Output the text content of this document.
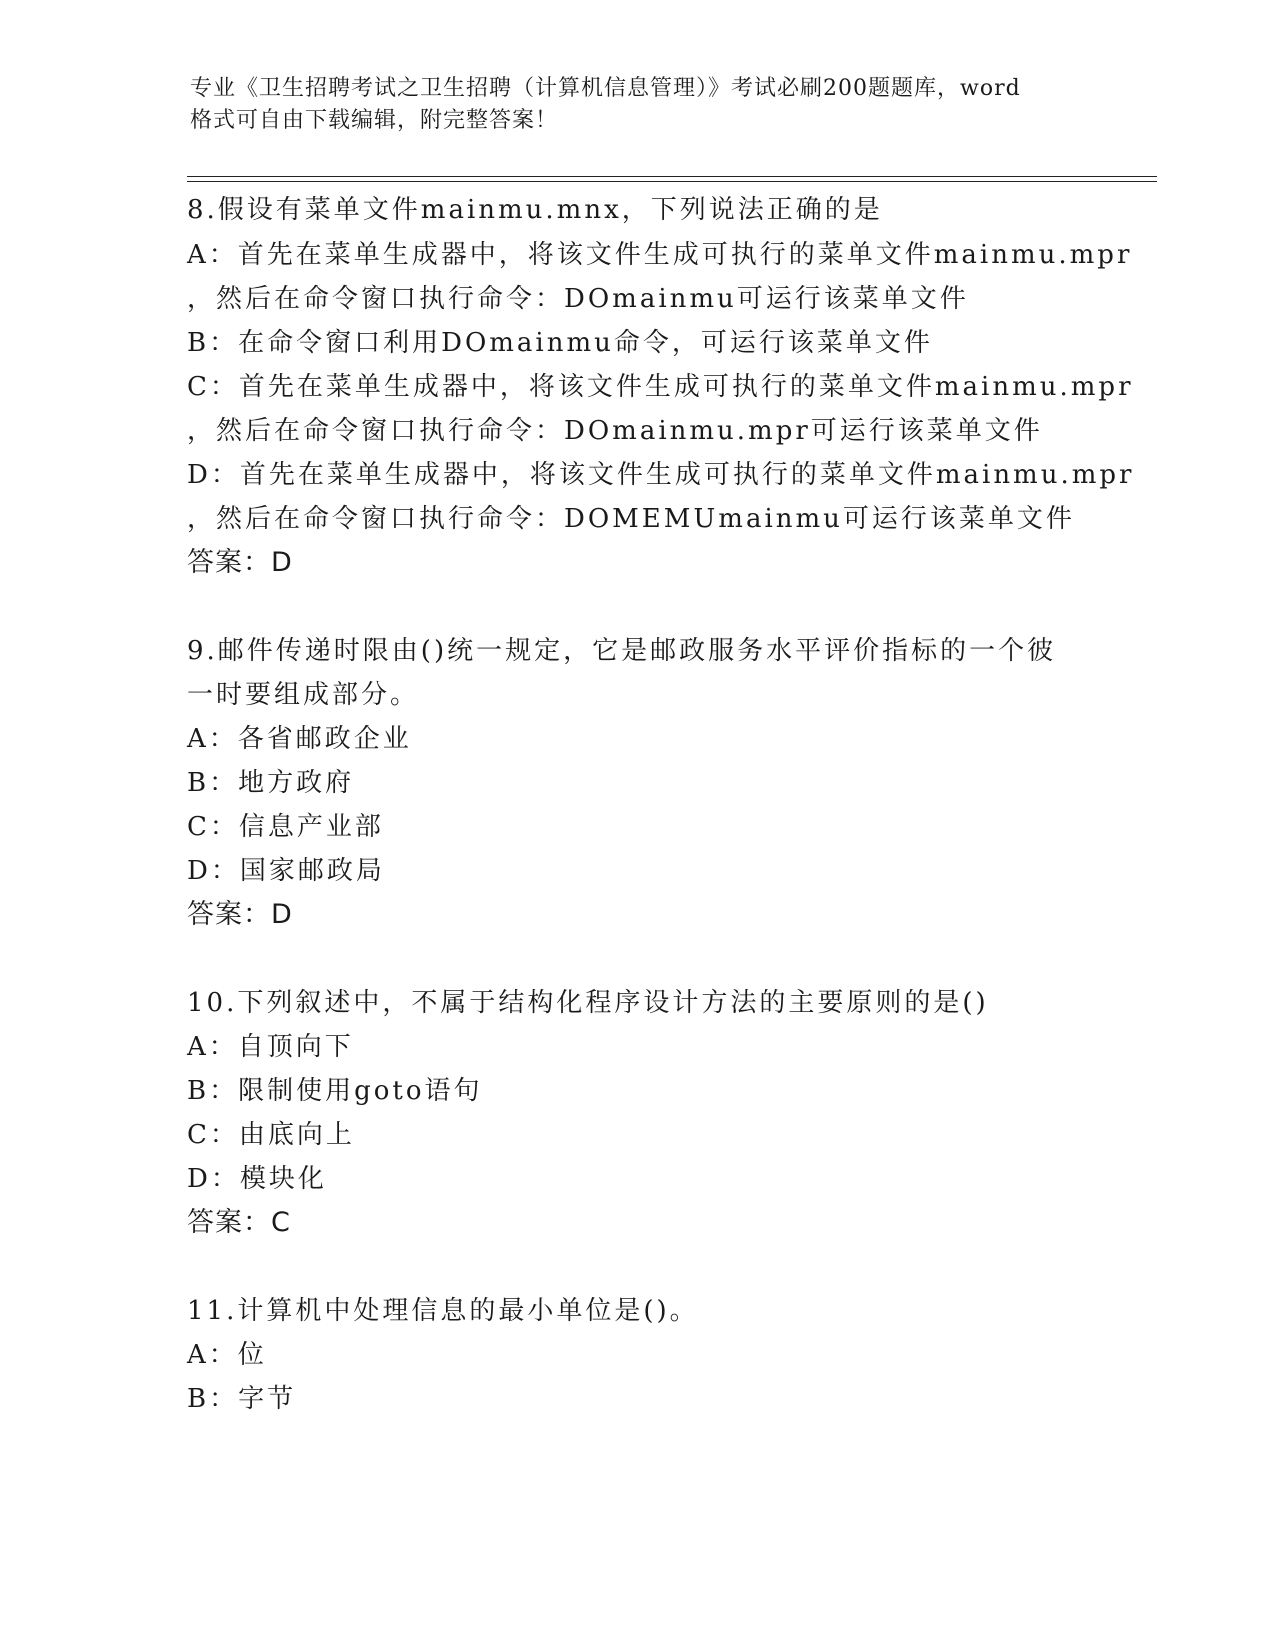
专业《卫生招聘考试之卫生招聘（计算机信息管理）》考试必刷200题题库，word
格式可自由下载编辑，附完整答案！
8.假设有菜单文件mainmu.mnx，下列说法正确的是
A：首先在菜单生成器中，将该文件生成可执行的菜单文件mainmu.mpr
，然后在命令窗口执行命令：DOmainmu可运行该菜单文件
B：在命令窗口利用DOmainmu命令，可运行该菜单文件
C：首先在菜单生成器中，将该文件生成可执行的菜单文件mainmu.mpr
，然后在命令窗口执行命令：DOmainmu.mpr可运行该菜单文件
D：首先在菜单生成器中，将该文件生成可执行的菜单文件mainmu.mpr
，然后在命令窗口执行命令：DOMEMUmainmu可运行该菜单文件
答案：D
9.邮件传递时限由()统一规定，它是邮政服务水平评价指标的一个彼
一时要组成部分。
A：各省邮政企业
B：地方政府
C：信息产业部
D：国家邮政局
答案：D
10.下列叙述中，不属于结构化程序设计方法的主要原则的是()
A：自顶向下
B：限制使用goto语句
C：由底向上
D：模块化
答案：C
11.计算机中处理信息的最小单位是()。
A：位
B：字节
